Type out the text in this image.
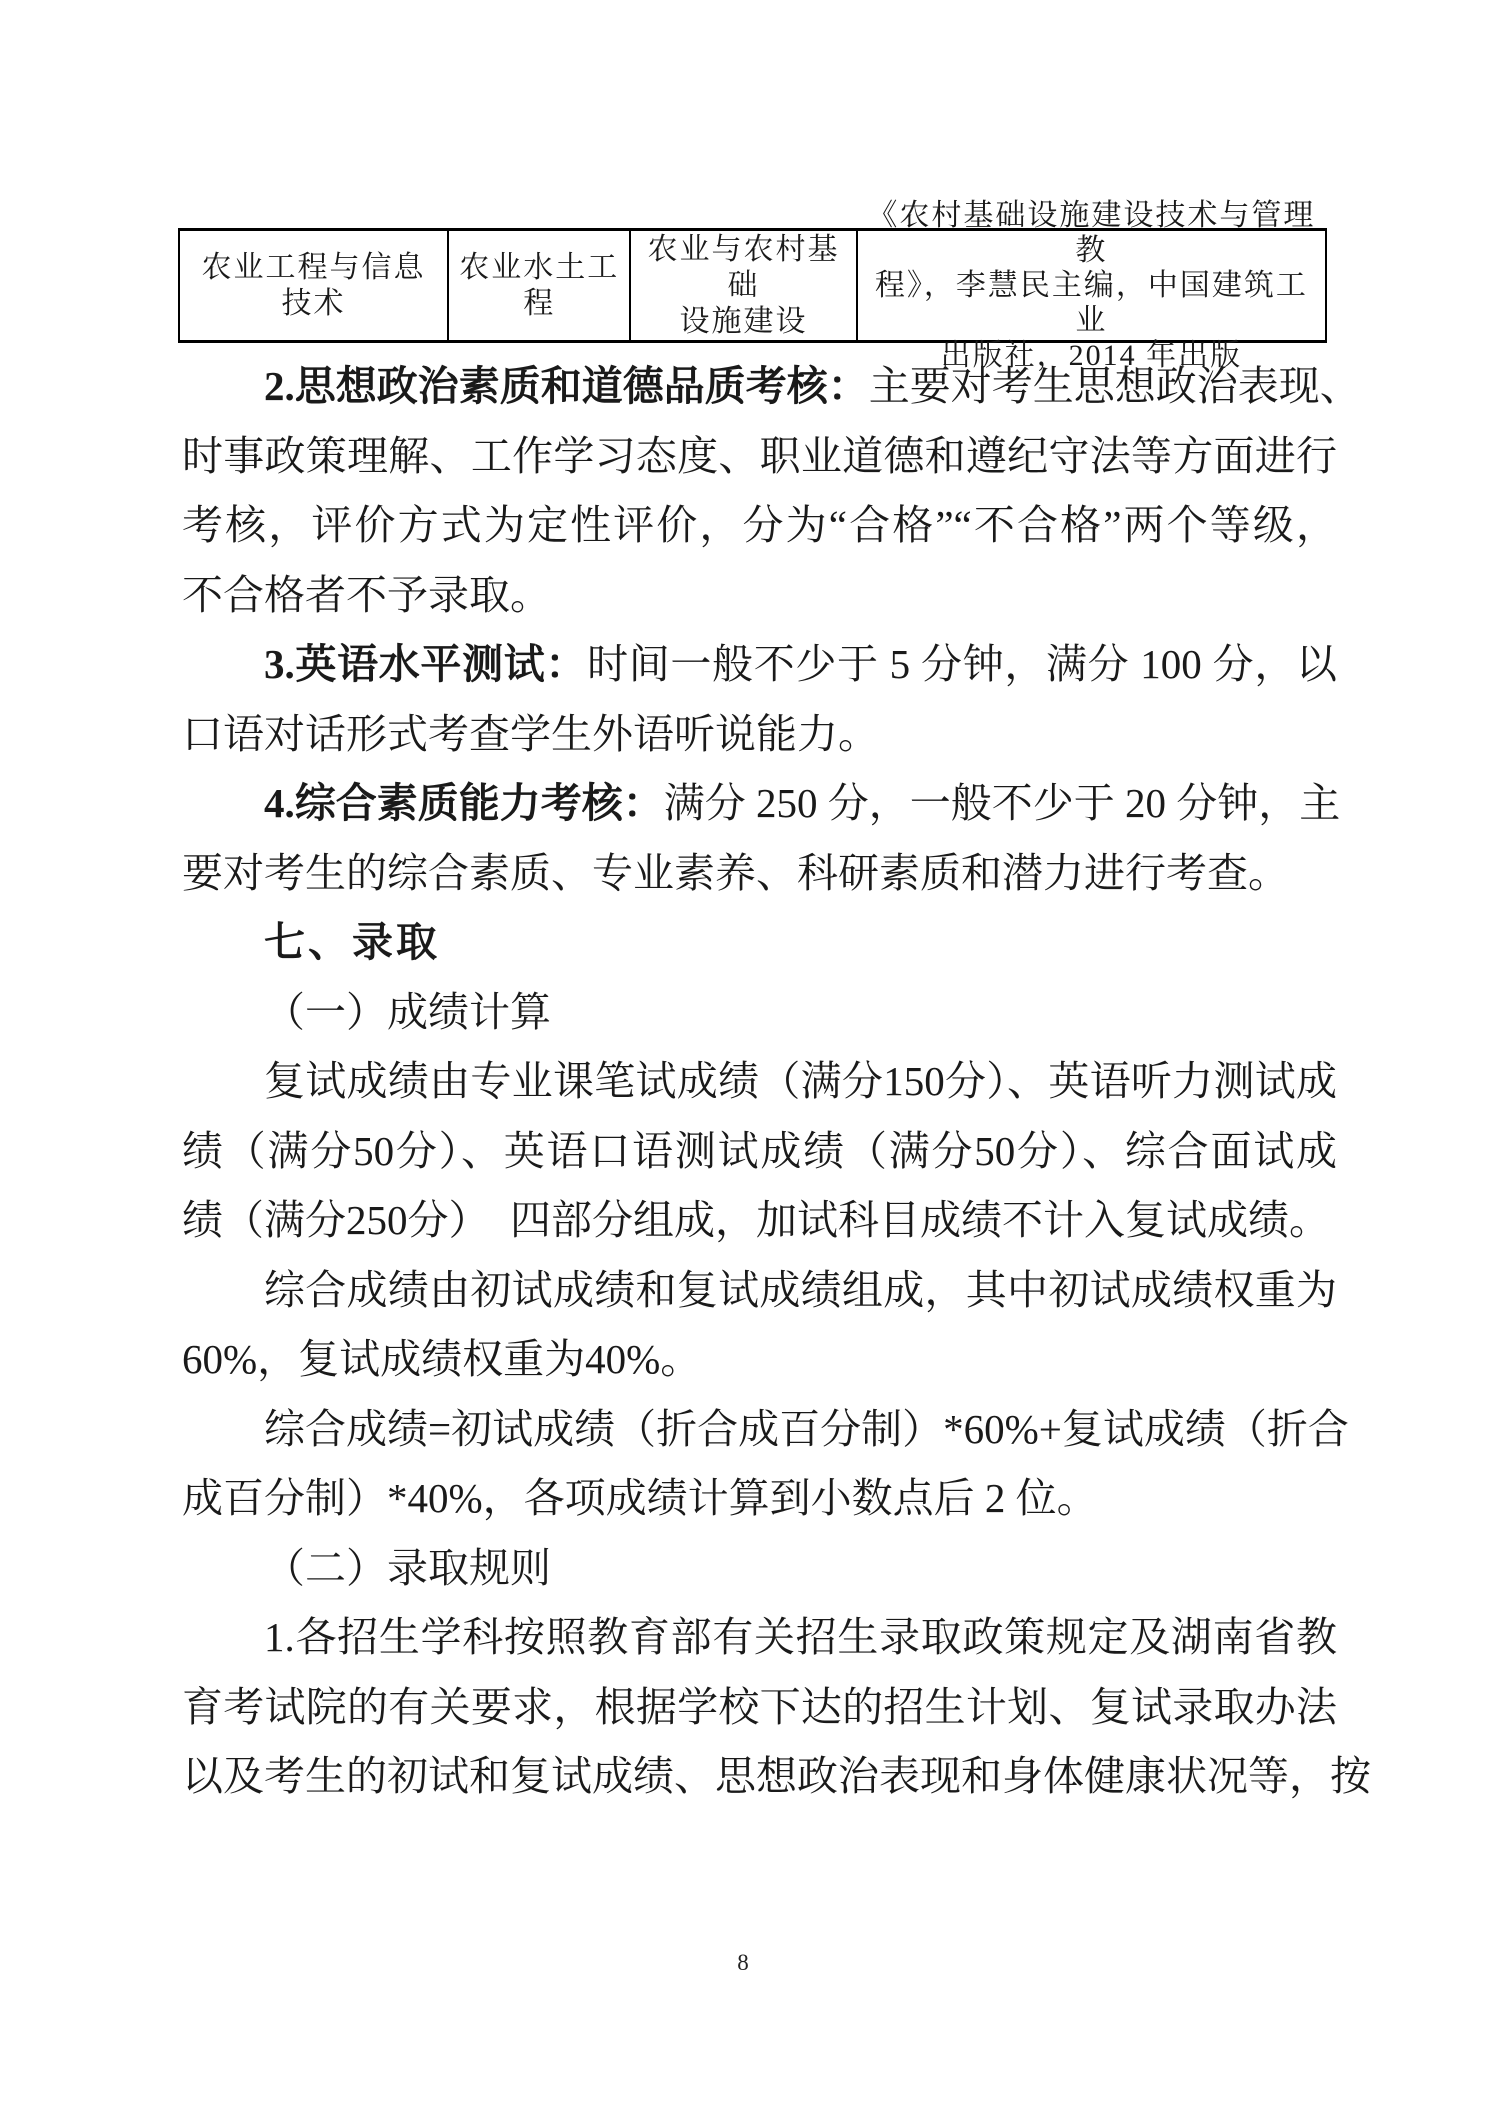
农业工程与信息
技术
农业水土工程
农业与农村基础
设施建设
《农村基础设施建设技术与管理教
程》，李慧民主编，中国建筑工业
出版社，2014 年出版
2.思想政治素质和道德品质考核：主要对考生思想政治表现、
时事政策理解、工作学习态度、职业道德和遵纪守法等方面进行
考核，评价方式为定性评价，分为“合格”“不合格”两个等级，
不合格者不予录取。
3.英语水平测试：时间一般不少于 5 分钟，满分 100 分，以
口语对话形式考查学生外语听说能力。
4.综合素质能力考核：满分 250 分，一般不少于 20 分钟，主
要对考生的综合素质、专业素养、科研素质和潜力进行考查。
七、录取
（一）成绩计算
复试成绩由专业课笔试成绩（满分150分）、英语听力测试成
绩（满分50分）、英语口语测试成绩（满分50分）、综合面试成
绩（满分250分）　四部分组成，加试科目成绩不计入复试成绩。
综合成绩由初试成绩和复试成绩组成，其中初试成绩权重为
60%，复试成绩权重为40%。
综合成绩=初试成绩（折合成百分制）*60%+复试成绩（折合
成百分制）*40%，各项成绩计算到小数点后 2 位。
（二）录取规则
1.各招生学科按照教育部有关招生录取政策规定及湖南省教
育考试院的有关要求，根据学校下达的招生计划、复试录取办法
以及考生的初试和复试成绩、思想政治表现和身体健康状况等，按
8
